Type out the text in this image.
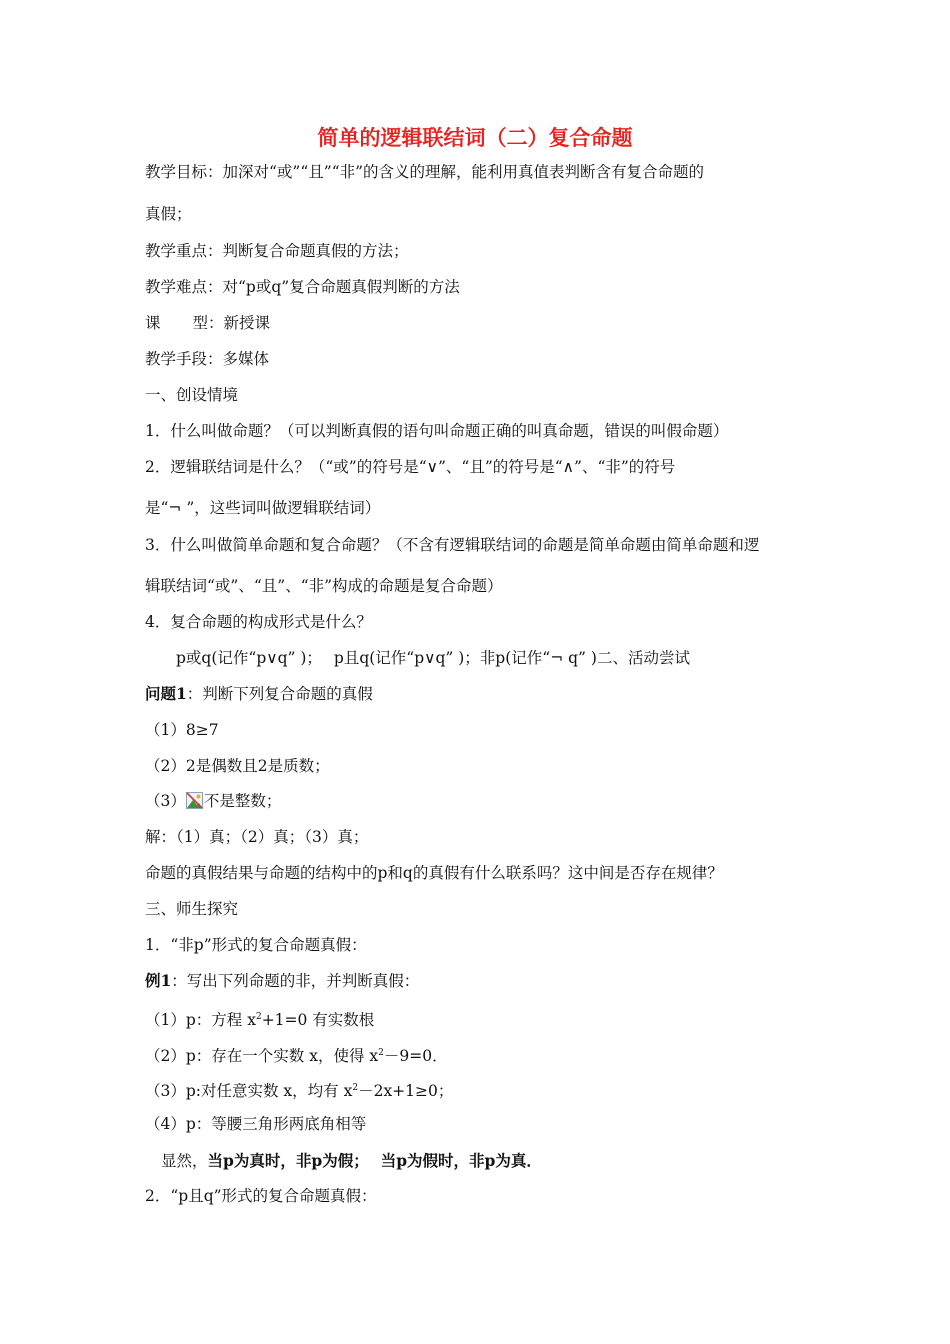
简单的逻辑联结词（二）复合命题
教学目标：加深对“或”“且”“非”的含义的理解，能利用真值表判断含有复合命题的
真假；
教学重点：判断复合命题真假的方法；
教学难点：对“p或q”复合命题真假判断的方法
课 型：新授课
教学手段：多媒体
一、创设情境
1．什么叫做命题？（可以判断真假的语句叫命题正确的叫真命题，错误的叫假命题）
2．逻辑联结词是什么？（“或”的符号是“∨”、“且”的符号是“∧”、“非”的符号
是“¬ ”，这些词叫做逻辑联结词）
3．什么叫做简单命题和复合命题？（不含有逻辑联结词的命题是简单命题由简单命题和逻
辑联结词“或”、“且”、“非”构成的命题是复合命题）
4．复合命题的构成形式是什么？
p或q(记作“p∨q” )； p且q(记作“p∨q” )；非p(记作“¬ q” )二、活动尝试
问题1：判断下列复合命题的真假
（1）8≥7
（2）2是偶数且2是质数；
（3） 不是整数；
解：（1）真；（2）真；（3）真；
命题的真假结果与命题的结构中的p和q的真假有什么联系吗？这中间是否存在规律？
三、师生探究
1．“非p”形式的复合命题真假：
例1：写出下列命题的非，并判断真假：
（1）p：方程 $x^2+1=0$ 有实数根
（2）p：存在一个实数 x，使得 $x^2-9=0$．
（3）p:对任意实数 x，均有 $x^2-2x+1\ge 0$；
（4）p：等腰三角形两底角相等
显然，当p为真时，非p为假； 当p为假时，非p为真．
2．“p且q”形式的复合命题真假：
